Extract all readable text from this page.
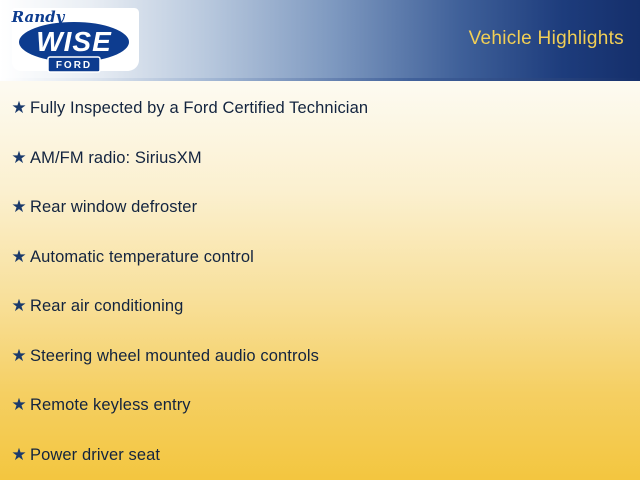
WISE
Randy
FORD
Vehicle Highlights
★ Fully Inspected by a Ford Certified Technician
★ AM/FM radio: SiriusXM
★ Rear window defroster
★ Automatic temperature control
★ Rear air conditioning
★ Steering wheel mounted audio controls
★ Remote keyless entry
★ Power driver seat
